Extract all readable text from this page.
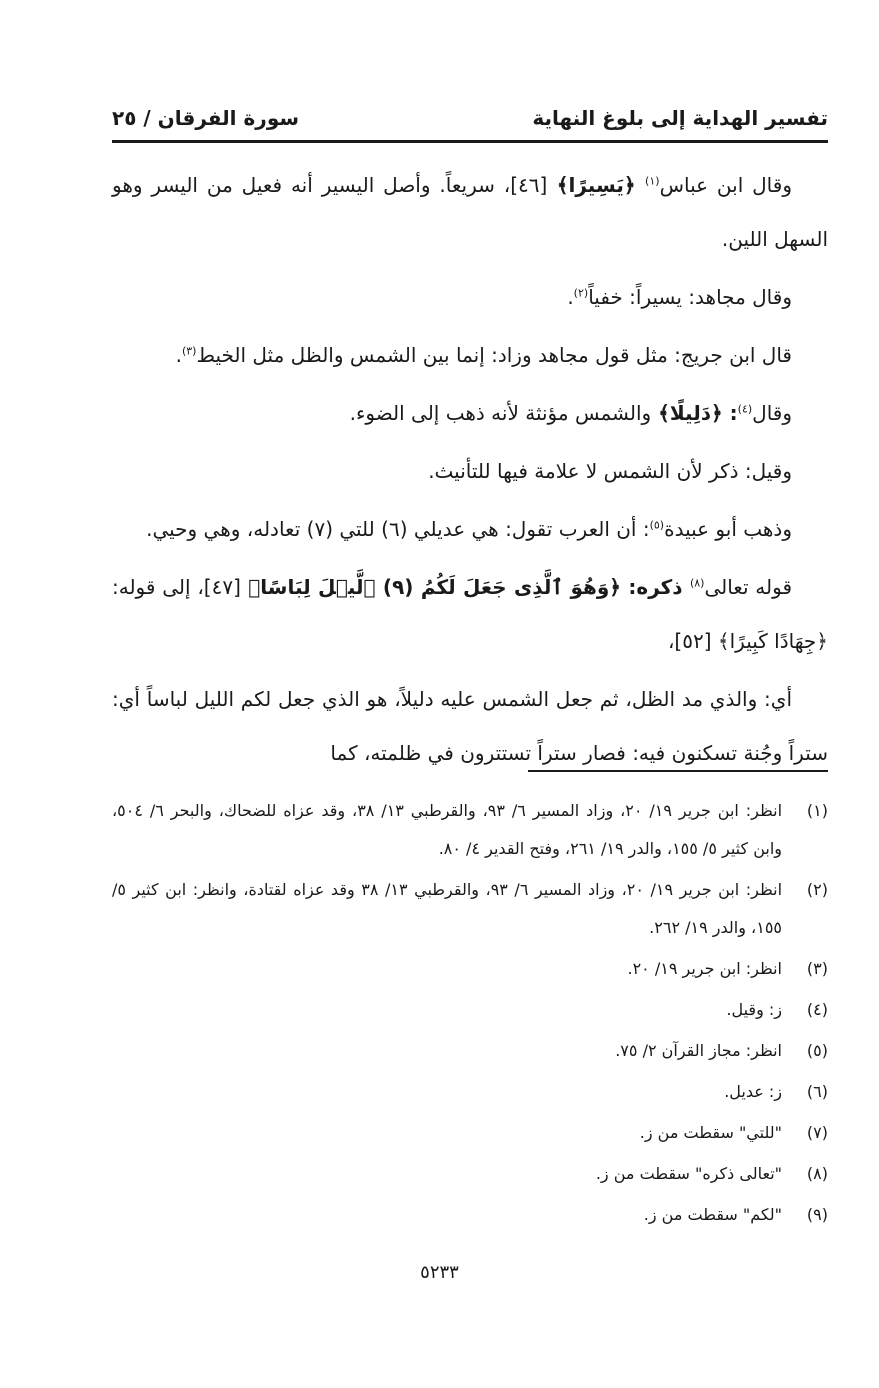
تفسير الهداية إلى بلوغ النهاية
سورة الفرقان / ٢٥

وقال ابن عباس$^{(١)}$ ﴿يَسِيرًا﴾ [٤٦]، سريعاً. وأصل اليسير أنه فعيل من اليسر وهو السهل اللين.

وقال مجاهد: يسيراً: خفياً$^{(٢)}$.

قال ابن جريج: مثل قول مجاهد وزاد: إنما بين الشمس والظل مثل الخيط$^{(٣)}$.

وقال$^{(٤)}$: ﴿دَلِيلًا﴾ والشمس مؤنثة لأنه ذهب إلى الضوء.

وقيل: ذكر لأن الشمس لا علامة فيها للتأنيث.

وذهب أبو عبيدة$^{(٥)}$: أن العرب تقول: هي عديلي (٦) للتي (٧) تعادله، وهي وحيي.

قوله تعالى$^{(٨)}$ ذكره: ﴿وَهُوَ ٱلَّذِى جَعَلَ لَكُمُ (٩) ٱلَّيۡلَ لِبَاسًا﴾ [٤٧]، إلى قوله: ﴿جِهَادًا كَبِيرًا﴾ [٥٢]،

أي: والذي مد الظل، ثم جعل الشمس عليه دليلاً، هو الذي جعل لكم الليل لباساً أي: ستراً وجُنة تسكنون فيه: فصار ستراً تستترون في ظلمته، كما

(١)
انظر: ابن جرير ١٩/ ٢٠، وزاد المسير ٦/ ٩٣، والقرطبي ١٣/ ٣٨، وقد عزاه للضحاك، والبحر ٦/ ٥٠٤، وابن كثير ٥/ ١٥٥، والدر ١٩/ ٢٦١، وفتح القدير ٤/ ٨٠.
(٢)
انظر: ابن جرير ١٩/ ٢٠، وزاد المسير ٦/ ٩٣، والقرطبي ١٣/ ٣٨ وقد عزاه لقتادة، وانظر: ابن كثير ٥/ ١٥٥، والدر ١٩/ ٢٦٢.
(٣)
انظر: ابن جرير ١٩/ ٢٠.
(٤)
ز: وقيل.
(٥)
انظر: مجاز القرآن ٢/ ٧٥.
(٦)
ز: عديل.
(٧)
"للتي" سقطت من ز.
(٨)
"تعالى ذكره" سقطت من ز.
(٩)
"لكم" سقطت من ز.
٥٢٣٣
